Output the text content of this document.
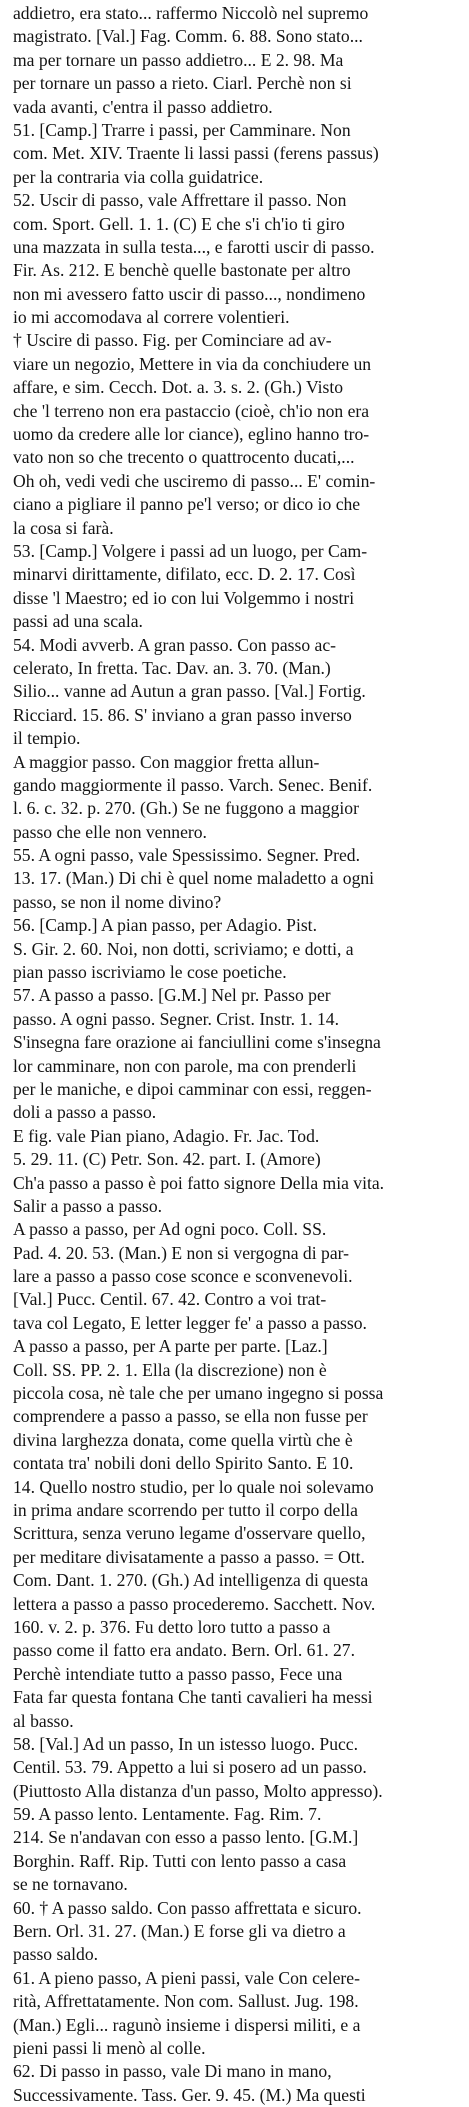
addietro, era stato... raffermo Niccolò nel supremo
magistrato. [Val.] Fag. Comm. 6. 88. Sono stato...
ma per tornare un passo addietro... E 2. 98. Ma
per tornare un passo a rieto. Ciarl. Perchè non si
vada avanti, c'entra il passo addietro.
51. [Camp.] Trarre i passi, per Camminare. Non
com. Met. XIV. Traente li lassi passi (ferens passus)
per la contraria via colla guidatrice.
52. Uscir di passo, vale Affrettare il passo. Non
com. Sport. Gell. 1. 1. (C) E che s'i ch'io ti giro
una mazzata in sulla testa..., e farotti uscir di passo.
Fir. As. 212. E benchè quelle bastonate per altro
non mi avessero fatto uscir di passo..., nondimeno
io mi accomodava al correre volentieri.
† Uscire di passo. Fig. per Cominciare ad av-
viare un negozio, Mettere in via da conchiudere un
affare, e sim. Cecch. Dot. a. 3. s. 2. (Gh.) Visto
che 'l terreno non era pastaccio (cioè, ch'io non era
uomo da credere alle lor ciance), eglino hanno tro-
vato non so che trecento o quattrocento ducati,...
Oh oh, vedi vedi che usciremo di passo... E' comin-
ciano a pigliare il panno pe'l verso; or dico io che
la cosa si farà.
53. [Camp.] Volgere i passi ad un luogo, per Cam-
minarvi dirittamente, difilato, ecc. D. 2. 17. Così
disse 'l Maestro; ed io con lui Volgemmo i nostri
passi ad una scala.
54. Modi avverb. A gran passo. Con passo ac-
celerato, In fretta. Tac. Dav. an. 3. 70. (Man.)
Silio... vanne ad Autun a gran passo. [Val.] Fortig.
Ricciard. 15. 86. S' inviano a gran passo inverso
il tempio.
A maggior passo. Con maggior fretta allun-
gando maggiormente il passo. Varch. Senec. Benif.
l. 6. c. 32. p. 270. (Gh.) Se ne fuggono a maggior
passo che elle non vennero.
55. A ogni passo, vale Spessissimo. Segner. Pred.
13. 17. (Man.) Di chi è quel nome maladetto a ogni
passo, se non il nome divino?
56. [Camp.] A pian passo, per Adagio. Pist.
S. Gir. 2. 60. Noi, non dotti, scriviamo; e dotti, a
pian passo iscriviamo le cose poetiche.
57. A passo a passo. [G.M.] Nel pr. Passo per
passo. A ogni passo. Segner. Crist. Instr. 1. 14.
S'insegna fare orazione ai fanciullini come s'insegna
lor camminare, non con parole, ma con prenderli
per le maniche, e dipoi camminar con essi, reggen-
doli a passo a passo.
E fig. vale Pian piano, Adagio. Fr. Jac. Tod.
5. 29. 11. (C) Petr. Son. 42. part. I. (Amore)
Ch'a passo a passo è poi fatto signore Della mia vita.
Salir a passo a passo.
A passo a passo, per Ad ogni poco. Coll. SS.
Pad. 4. 20. 53. (Man.) E non si vergogna di par-
lare a passo a passo cose sconce e sconvenevoli.
[Val.] Pucc. Centil. 67. 42. Contro a voi trat-
tava col Legato, E letter legger fe' a passo a passo.
A passo a passo, per A parte per parte. [Laz.]
Coll. SS. PP. 2. 1. Ella (la discrezione) non è
piccola cosa, nè tale che per umano ingegno si possa
comprendere a passo a passo, se ella non fusse per
divina larghezza donata, come quella virtù che è
contata tra' nobili doni dello Spirito Santo. E 10.
14. Quello nostro studio, per lo quale noi solevamo
in prima andare scorrendo per tutto il corpo della
Scrittura, senza veruno legame d'osservare quello,
per meditare divisatamente a passo a passo. = Ott.
Com. Dant. 1. 270. (Gh.) Ad intelligenza di questa
lettera a passo a passo procederemo. Sacchett. Nov.
160. v. 2. p. 376. Fu detto loro tutto a passo a
passo come il fatto era andato. Bern. Orl. 61. 27.
Perchè intendiate tutto a passo passo, Fece una
Fata far questa fontana Che tanti cavalieri ha messi
al basso.
58. [Val.] Ad un passo, In un istesso luogo. Pucc.
Centil. 53. 79. Appetto a lui si posero ad un passo.
(Piuttosto Alla distanza d'un passo, Molto appresso).
59. A passo lento. Lentamente. Fag. Rim. 7.
214. Se n'andavan con esso a passo lento. [G.M.]
Borghin. Raff. Rip. Tutti con lento passo a casa
se ne tornavano.
60. † A passo saldo. Con passo affrettata e sicuro.
Bern. Orl. 31. 27. (Man.) E forse gli va dietro a
passo saldo.
61. A pieno passo, A pieni passi, vale Con celere-
rità, Affrettatamente. Non com. Sallust. Jug. 198.
(Man.) Egli... ragunò insieme i dispersi militi, e a
pieni passi li menò al colle.
62. Di passo in passo, vale Di mano in mano,
Successivamente. Tass. Ger. 9. 45. (M.) Ma questi
